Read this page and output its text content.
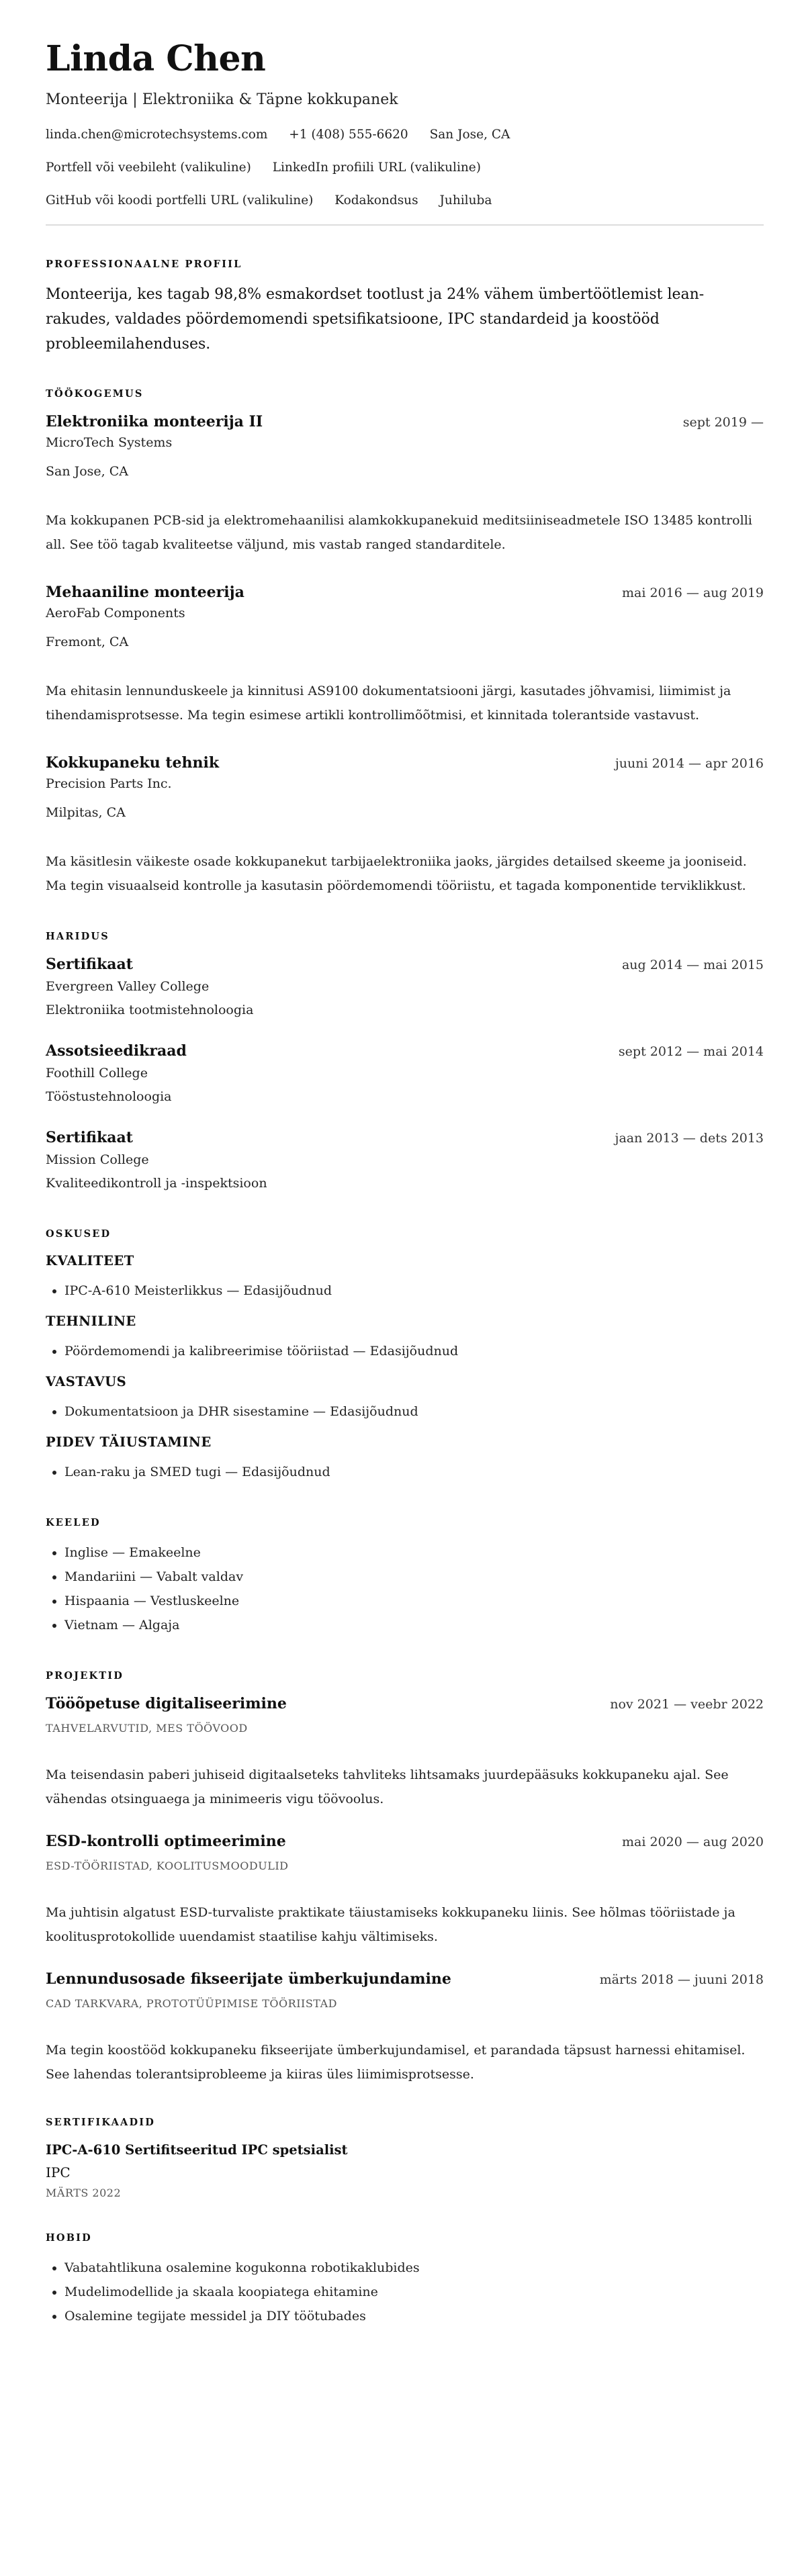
Linda Chen
Monteerija | Elektroniika & Täpne kokkupanek
linda.chen@microtechsystems.com +1 (408) 555-6620 San Jose, CA
Portfell või veebileht (valikuline) LinkedIn profiili URL (valikuline)
GitHub või koodi portfelli URL (valikuline) Kodakondsus Juhiluba
PROFESSIONAALNE PROFIIL

Monteerija, kes tagab 98,8% esmakordset tootlust ja 24% vähem ümbertöötlemist lean-rakudes, valdades pöördemomendi spetsifikatsioone, IPC standardeid ja koostööd probleemilahenduses.

TÖÖKOGEMUS
Elektroniika monteerija II	sept 2019 —
MicroTech Systems
San Jose, CA
Ma kokkupanen PCB-sid ja elektromehaanilisi alamkokkupanekuid meditsiiniseadmetele ISO 13485 kontrolli all. See töö tagab kvaliteetse väljund, mis vastab ranged standarditele.
Mehaaniline monteerija	mai 2016 — aug 2019
AeroFab Components
Fremont, CA
Ma ehitasin lennunduskeele ja kinnitusi AS9100 dokumentatsiooni järgi, kasutades jõhvamisi, liimimist ja tihendamisprotsesse. Ma tegin esimese artikli kontrollimõõtmisi, et kinnitada tolerantside vastavust.
Kokkupaneku tehnik	juuni 2014 — apr 2016
Precision Parts Inc.
Milpitas, CA
Ma käsitlesin väikeste osade kokkupanekut tarbijaelektroniika jaoks, järgides detailsed skeeme ja jooniseid. Ma tegin visuaalseid kontrolle ja kasutasin pöördemomendi tööriistu, et tagada komponentide terviklikkust.
HARIDUS
Sertifikaat	aug 2014 — mai 2015
Evergreen Valley College
Elektroniika tootmistehnoloogia
Assotsieedikraad	sept 2012 — mai 2014
Foothill College
Tööstustehnoloogia
Sertifikaat	jaan 2013 — dets 2013
Mission College
Kvaliteedikontroll ja -inspektsioon
OSKUSED
KVALITEET
• IPC-A-610 Meisterlikkus — Edasijõudnud
TEHNILINE
• Pöördemomendi ja kalibreerimise tööriistad — Edasijõudnud
VASTAVUS
• Dokumentatsioon ja DHR sisestamine — Edasijõudnud
PIDEV TÄIUSTAMINE
• Lean-raku ja SMED tugi — Edasijõudnud
KEELED
• Inglise — Emakeelne
• Mandariini — Vabalt valdav
• Hispaania — Vestluskeelne
• Vietnam — Algaja
PROJEKTID
Tööõpetuse digitaliseerimine	nov 2021 — veebr 2022
TAHVELARVUTID, MES TÖÖVOOD
Ma teisendasin paberi juhiseid digitaalseteks tahvliteks lihtsamaks juurdepääsuks kokkupaneku ajal. See vähendas otsinguaega ja minimeeris vigu töövoolus.
ESD-kontrolli optimeerimine	mai 2020 — aug 2020
ESD-TÖÖRIISTAD, KOOLITUSMOODULID
Ma juhtisin algatust ESD-turvaliste praktikate täiustamiseks kokkupaneku liinis. See hõlmas tööriistade ja koolitusprotokollide uuendamist staatilise kahju vältimiseks.
Lennundusosade fikseerijate ümberkujundamine	märts 2018 — juuni 2018
CAD TARKVARA, PROTOTÜÜPIMISE TÖÖRIISTAD
Ma tegin koostööd kokkupaneku fikseerijate ümberkujundamisel, et parandada täpsust harnessi ehitamisel. See lahendas tolerantsiprobleeme ja kiiras üles liimimisprotsesse.
SERTIFIKAADID
IPC-A-610 Sertifitseeritud IPC spetsialist
IPC
MÄRTS 2022
HOBID
• Vabatahtlikuna osalemine kogukonna robotikaklubides
• Mudelimodellide ja skaala koopiatega ehitamine
• Osalemine tegijate messidel ja DIY töötubades
